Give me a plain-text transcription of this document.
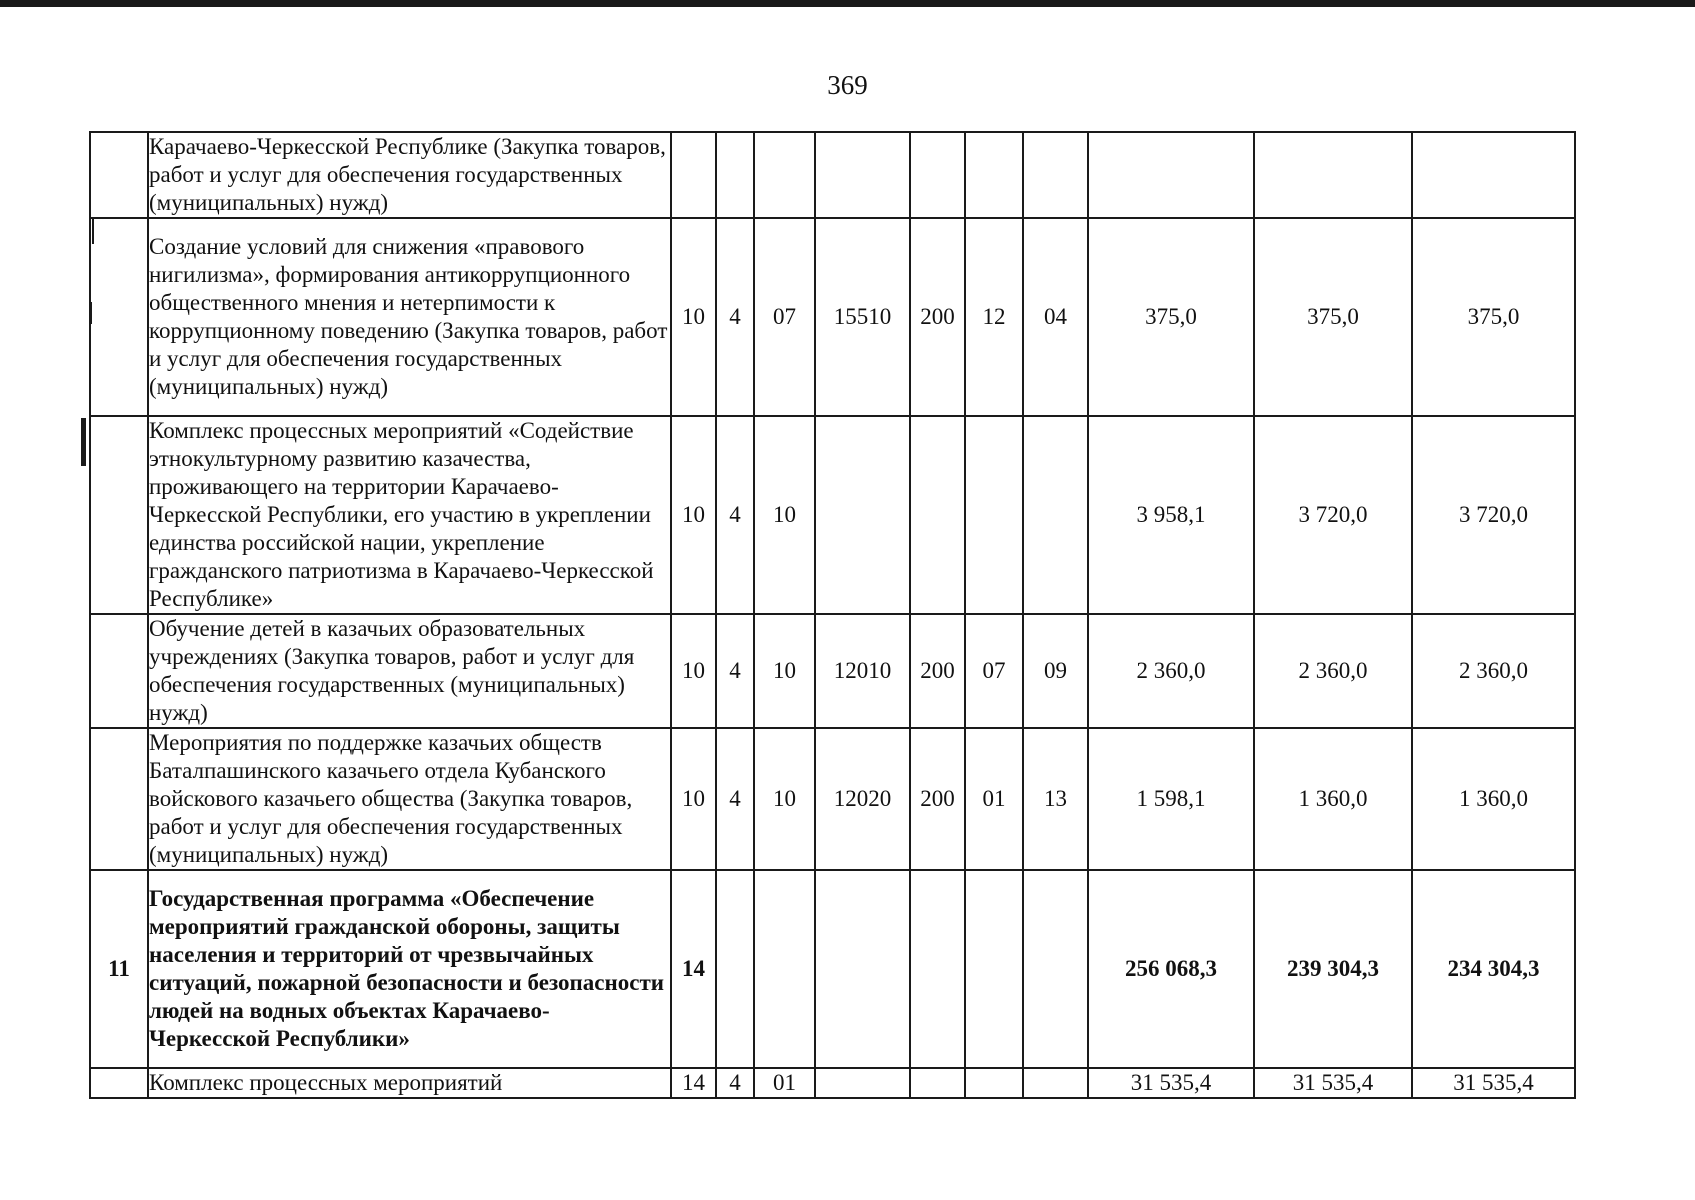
369
	Карачаево-Черкесской Республике (Закупка товаров, работ и услуг для обеспечения государственных (муниципальных) нужд)										
	Создание условий для снижения «правового нигилизма», формирования антикоррупционного общественного мнения и нетерпимости к коррупционному поведению (Закупка товаров, работ и услуг для обеспечения государственных (муниципальных) нужд)	10	4	07	15510	200	12	04	375,0	375,0	375,0
	Комплекс процессных мероприятий «Содействие этнокультурному развитию казачества, проживающего на территории Карачаево-Черкесской Республики, его участию в укреплении единства российской нации, укрепление гражданского патриотизма в Карачаево-Черкесской Республике»	10	4	10					3 958,1	3 720,0	3 720,0
	Обучение детей в казачьих образовательных учреждениях (Закупка товаров, работ и услуг для обеспечения государственных (муниципальных) нужд)	10	4	10	12010	200	07	09	2 360,0	2 360,0	2 360,0
	Мероприятия по поддержке казачьих обществ Баталпашинского казачьего отдела Кубанского войскового казачьего общества (Закупка товаров, работ и услуг для обеспечения государственных (муниципальных) нужд)	10	4	10	12020	200	01	13	1 598,1	1 360,0	1 360,0
11	Государственная программа «Обеспечение мероприятий гражданской обороны, защиты населения и территорий от чрезвычайных ситуаций, пожарной безопасности и безопасности людей на водных объектах Карачаево-Черкесской Республики»	14							256 068,3	239 304,3	234 304,3
	Комплекс процессных мероприятий	14	4	01					31 535,4	31 535,4	31 535,4
